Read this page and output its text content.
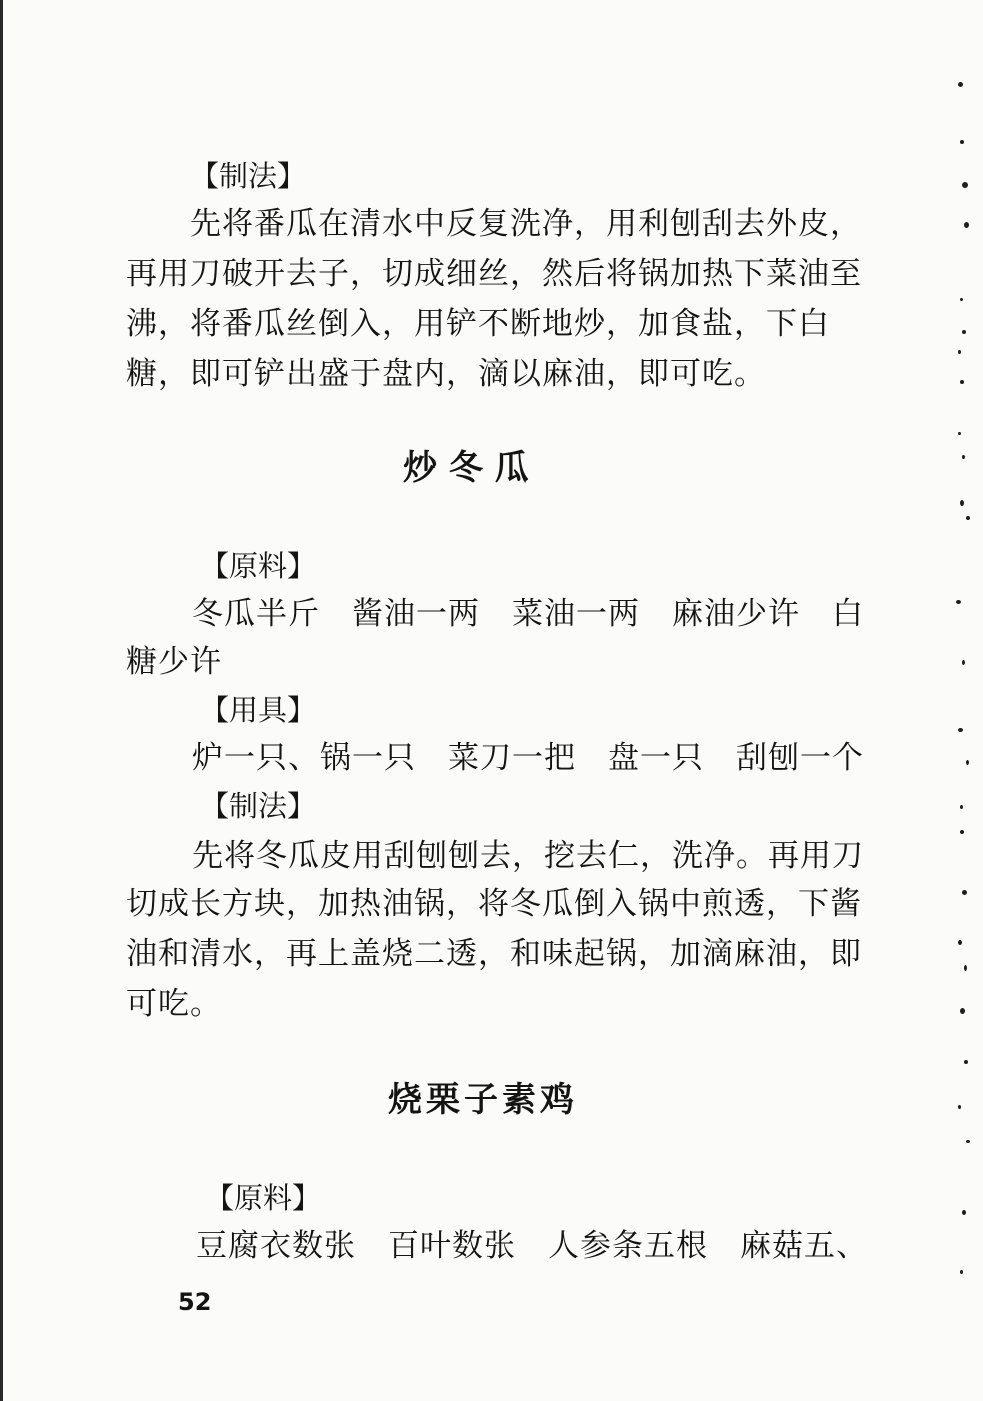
【制法】
先将番瓜在清水中反复洗净，用利刨刮去外皮，
再用刀破开去子，切成细丝，然后将锅加热下菜油至
沸，将番瓜丝倒入，用铲不断地炒，加食盐，下白
糖，即可铲出盛于盘内，滴以麻油，即可吃。
炒 冬 瓜
【原料】
冬瓜半斤　酱油一两　菜油一两　麻油少许　白
糖少许
【用具】
炉一只、锅一只　菜刀一把　盘一只　刮刨一个
【制法】
先将冬瓜皮用刮刨刨去，挖去仁，洗净。再用刀
切成长方块，加热油锅，将冬瓜倒入锅中煎透，下酱
油和清水，再上盖烧二透，和味起锅，加滴麻油，即
可吃。
烧栗子素鸡
【原料】
豆腐衣数张　百叶数张　人参条五根　麻菇五、
52
